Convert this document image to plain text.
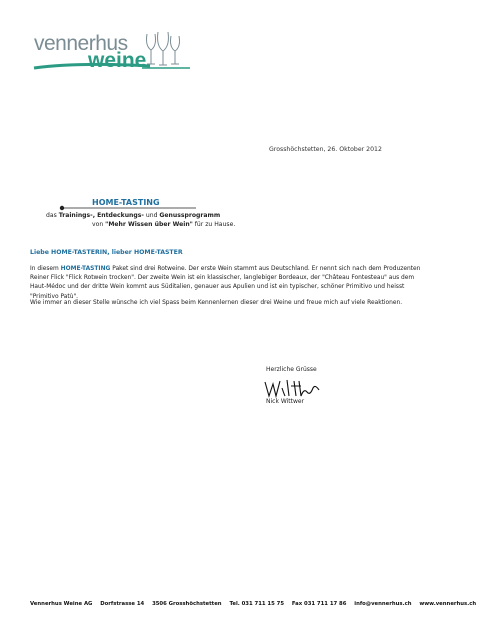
vennerhus
weine
Grosshöchstetten, 26. Oktober 2012
HOME-TASTING
das Trainings-, Entdeckungs- und Genussprogramm
von "Mehr Wissen über Wein" für zu Hause.
Liebe HOME-TASTERIN, lieber HOME-TASTER
In diesem HOME-TASTING Paket sind drei Rotweine. Der erste Wein stammt aus Deutschland. Er nennt sich nach dem Produzenten Reiner Flick "Flick Rotwein trocken". Der zweite Wein ist ein klassischer, langlebiger Bordeaux, der "Château Fontesteau" aus dem Haut-Médoc und der dritte Wein kommt aus Süditalien, genauer aus Apulien und ist ein typischer, schöner Primitivo und heisst "Primitivo Patù".
Wie immer an dieser Stelle wünsche ich viel Spass beim Kennenlernen dieser drei Weine und freue mich auf viele Reaktionen.
Herzliche Grüsse
Nick Wittwer
Vennerhus Weine AG Dorfstrasse 14 3506 Grosshöchstetten Tel. 031 711 15 75 Fax 031 711 17 86 info@vennerhus.ch www.vennerhus.ch
